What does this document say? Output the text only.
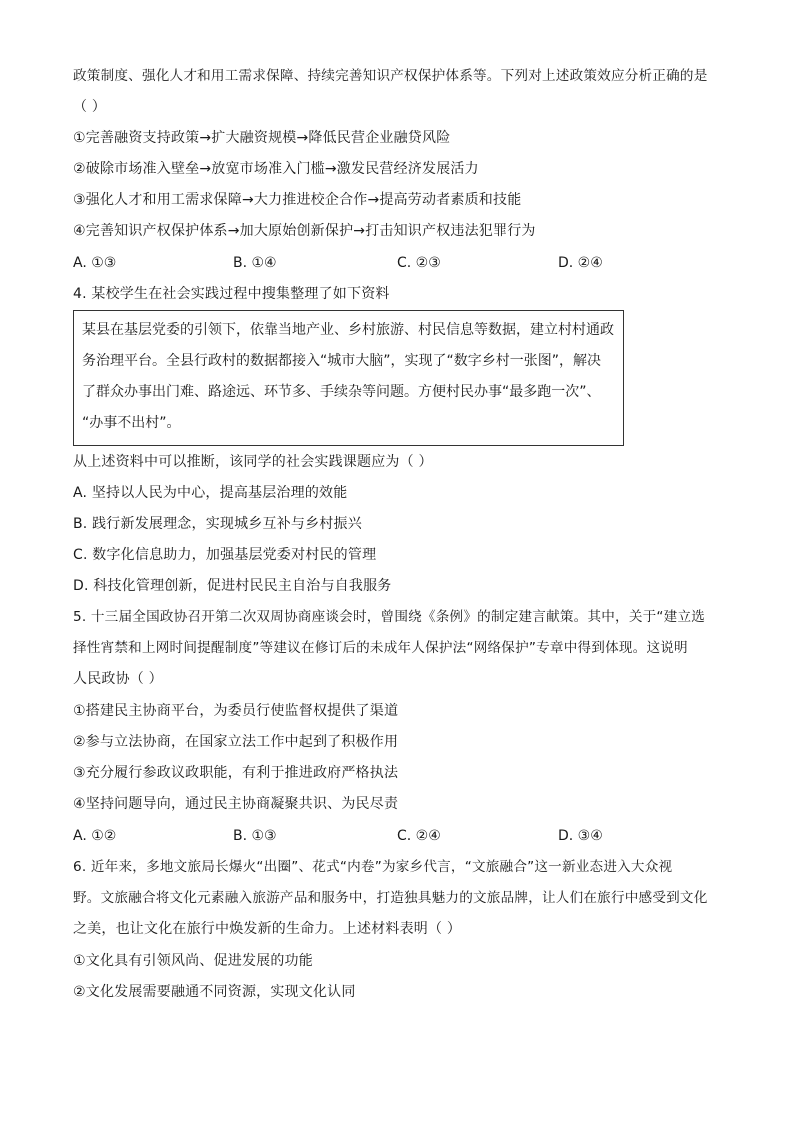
政策制度、强化人才和用工需求保障、持续完善知识产权保护体系等。下列对上述政策效应分析正确的是
（ ）
①完善融资支持政策→扩大融资规模→降低民营企业融贷风险
②破除市场准入壁垒→放宽市场准入门槛→激发民营经济发展活力
③强化人才和用工需求保障→大力推进校企合作→提高劳动者素质和技能
④完善知识产权保护体系→加大原始创新保护→打击知识产权违法犯罪行为
A. ①③	B. ①④	C. ②③	D. ②④
4. 某校学生在社会实践过程中搜集整理了如下资料
某县在基层党委的引领下，依靠当地产业、乡村旅游、村民信息等数据，建立村村通政
务治理平台。全县行政村的数据都接入“城市大脑”，实现了“数字乡村一张图”，解决
了群众办事出门难、路途远、环节多、手续杂等问题。方便村民办事“最多跑一次”、
“办事不出村”。
从上述资料中可以推断，该同学的社会实践课题应为（ ）
A. 坚持以人民为中心，提高基层治理的效能
B. 践行新发展理念，实现城乡互补与乡村振兴
C. 数字化信息助力，加强基层党委对村民的管理
D. 科技化管理创新，促进村民民主自治与自我服务
5. 十三届全国政协召开第二次双周协商座谈会时，曾围绕《条例》的制定建言献策。其中，关于“建立选
择性宵禁和上网时间提醒制度”等建议在修订后的未成年人保护法“网络保护”专章中得到体现。这说明
人民政协（ ）
①搭建民主协商平台，为委员行使监督权提供了渠道
②参与立法协商，在国家立法工作中起到了积极作用
③充分履行参政议政职能，有利于推进政府严格执法
④坚持问题导向，通过民主协商凝聚共识、为民尽责
A. ①②	B. ①③	C. ②④	D. ③④
6. 近年来，多地文旅局长爆火“出圈”、花式“内卷”为家乡代言，“文旅融合”这一新业态进入大众视
野。文旅融合将文化元素融入旅游产品和服务中，打造独具魅力的文旅品牌，让人们在旅行中感受到文化
之美，也让文化在旅行中焕发新的生命力。上述材料表明（ ）
①文化具有引领风尚、促进发展的功能
②文化发展需要融通不同资源，实现文化认同
